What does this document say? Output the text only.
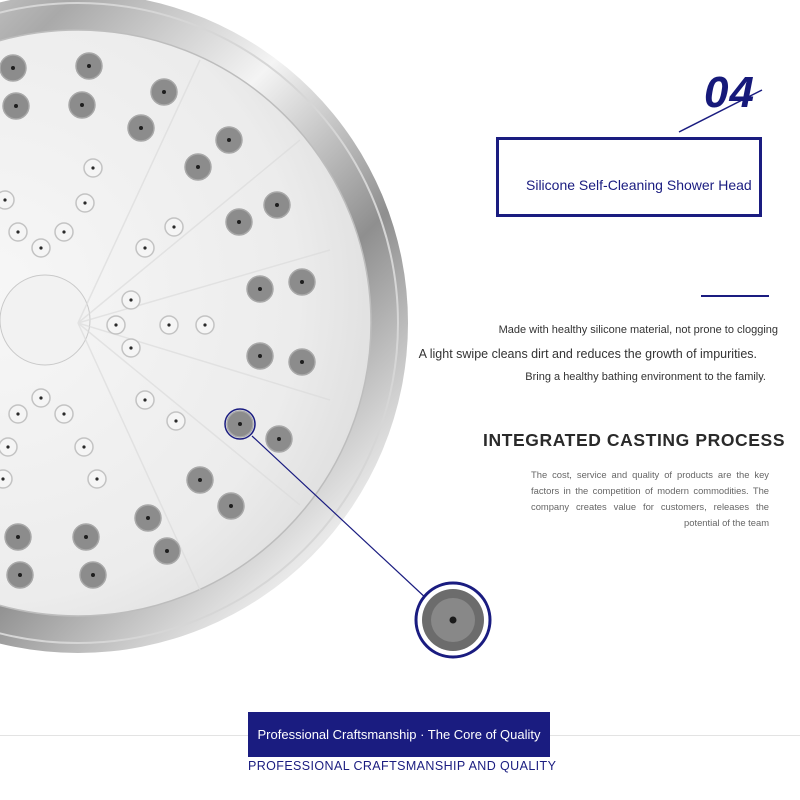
04
Silicone Self-Cleaning Shower Head
Made with healthy silicone material, not prone to clogging
A light swipe cleans dirt and reduces the growth of impurities.
Bring a healthy bathing environment to the family.
INTEGRATED CASTING PROCESS
The cost, service and quality of products are the key factors in the competition of modern commodities. The company creates value for customers, releases the potential of the team
Professional Craftsmanship · The Core of Quality
PROFESSIONAL CRAFTSMANSHIP AND QUALITY
